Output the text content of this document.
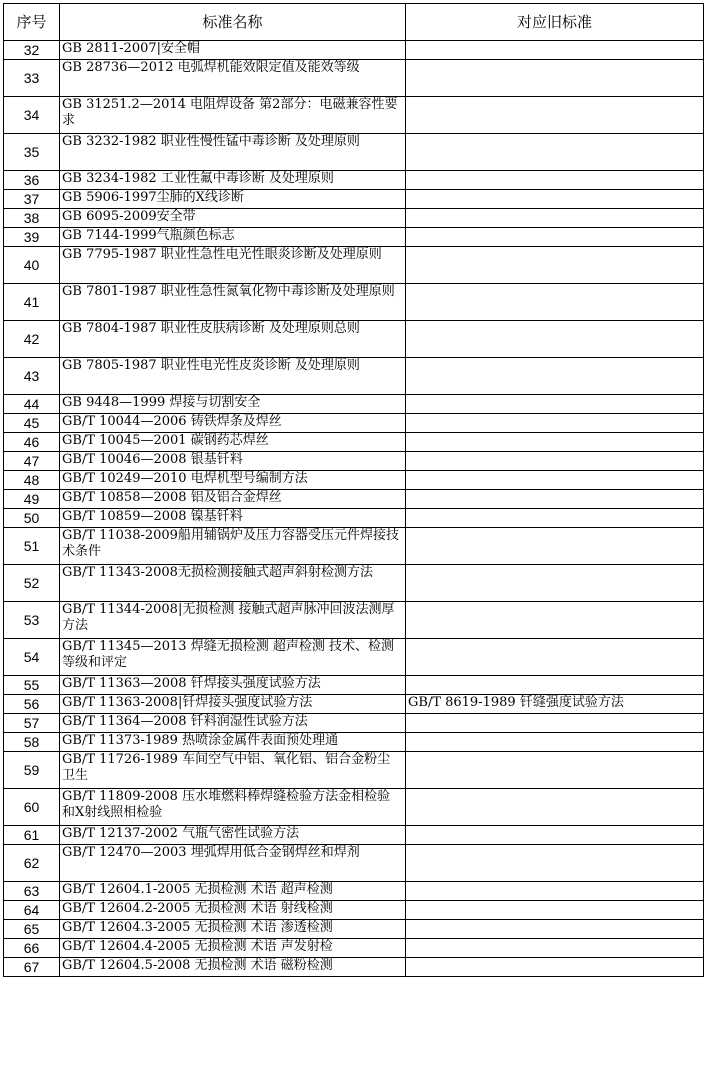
序号	标准名称	对应旧标准
32	GB 2811-2007|安全帽	
33	GB 28736—2012 电弧焊机能效限定值及能效等级	
34	GB 31251.2—2014 电阻焊设备 第2部分：电磁兼容性要求	
35	GB 3232-1982 职业性慢性锰中毒诊断 及处理原则	
36	GB 3234-1982 工业性氟中毒诊断 及处理原则	
37	GB 5906-1997尘肺的X线诊断	
38	GB 6095-2009安全带	
39	GB 7144-1999气瓶颜色标志	
40	GB 7795-1987 职业性急性电光性眼炎诊断及处理原则	
41	GB 7801-1987 职业性急性氮氧化物中毒诊断及处理原则	
42	GB 7804-1987 职业性皮肤病诊断 及处理原则总则	
43	GB 7805-1987 职业性电光性皮炎诊断 及处理原则	
44	GB 9448—1999 焊接与切割安全	
45	GB/T 10044—2006 铸铁焊条及焊丝	
46	GB/T 10045—2001 碳钢药芯焊丝	
47	GB/T 10046—2008 银基钎料	
48	GB/T 10249—2010 电焊机型号编制方法	
49	GB/T 10858—2008 铝及铝合金焊丝	
50	GB/T 10859—2008 镍基钎料	
51	GB/T 11038-2009船用辅锅炉及压力容器受压元件焊接技术条件	
52	GB/T 11343-2008无损检测接触式超声斜射检测方法	
53	GB/T 11344-2008|无损检测 接触式超声脉冲回波法测厚方法	
54	GB/T 11345—2013 焊缝无损检测 超声检测 技术、检测 等级和评定	
55	GB/T 11363—2008 钎焊接头强度试验方法	
56	GB/T 11363-2008|钎焊接头强度试验方法	GB/T 8619-1989 钎缝强度试验方法
57	GB/T 11364—2008 钎料润湿性试验方法	
58	GB/T 11373-1989 热喷涂金属件表面预处理通	
59	GB/T 11726-1989 车间空气中铝、氧化铝、铝合金粉尘卫生	
60	GB/T 11809-2008 压水堆燃料棒焊缝检验方法金相检验和X射线照相检验	
61	GB/T 12137-2002 气瓶气密性试验方法	
62	GB/T 12470—2003 埋弧焊用低合金钢焊丝和焊剂	
63	GB/T 12604.1-2005 无损检测 术语 超声检测	
64	GB/T 12604.2-2005 无损检测 术语 射线检测	
65	GB/T 12604.3-2005 无损检测 术语 渗透检测	
66	GB/T 12604.4-2005 无损检测 术语 声发射检	
67	GB/T 12604.5-2008 无损检测 术语 磁粉检测	
